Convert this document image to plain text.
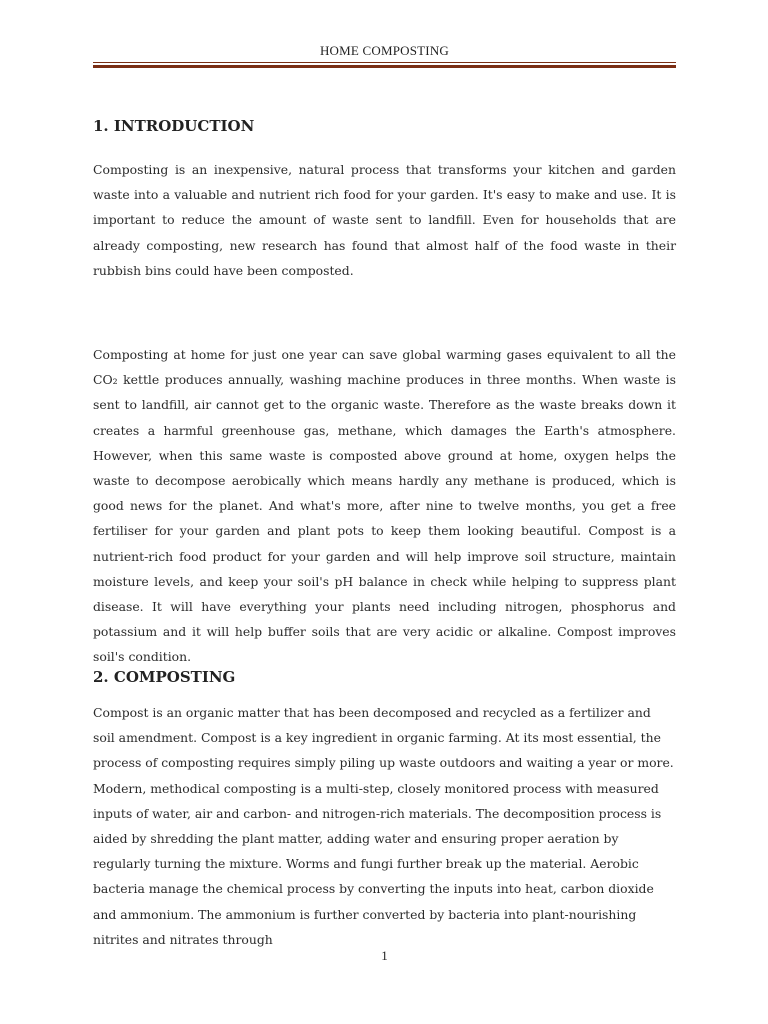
HOME COMPOSTING
1. INTRODUCTION

Composting is an inexpensive, natural process that transforms your kitchen and garden waste into a valuable and nutrient rich food for your garden. It's easy to make and use. It is important to reduce the amount of waste sent to landfill. Even for households that are already composting, new research has found that almost half of the food waste in their rubbish bins could have been composted.

Composting at home for just one year can save global warming gases equivalent to all the CO₂ kettle produces annually, washing machine produces in three months. When waste is sent to landfill, air cannot get to the organic waste. Therefore as the waste breaks down it creates a harmful greenhouse gas, methane, which damages the Earth's atmosphere. However, when this same waste is composted above ground at home, oxygen helps the waste to decompose aerobically which means hardly any methane is produced, which is good news for the planet. And what's more, after nine to twelve months, you get a free fertiliser for your garden and plant pots to keep them looking beautiful. Compost is a nutrient-rich food product for your garden and will help improve soil structure, maintain moisture levels, and keep your soil's pH balance in check while helping to suppress plant disease. It will have everything your plants need including nitrogen, phosphorus and potassium and it will help buffer soils that are very acidic or alkaline. Compost improves soil's condition.

2. COMPOSTING

Compost is an organic matter that has been decomposed and recycled as a fertilizer and soil amendment. Compost is a key ingredient in organic farming. At its most essential, the process of composting requires simply piling up waste outdoors and waiting a year or more. Modern, methodical composting is a multi-step, closely monitored process with measured inputs of water, air and carbon- and nitrogen-rich materials. The decomposition process is aided by shredding the plant matter, adding water and ensuring proper aeration by regularly turning the mixture. Worms and fungi further break up the material. Aerobic bacteria manage the chemical process by converting the inputs into heat, carbon dioxide and ammonium. The ammonium is further converted by bacteria into plant-nourishing nitrites and nitrates through

1
